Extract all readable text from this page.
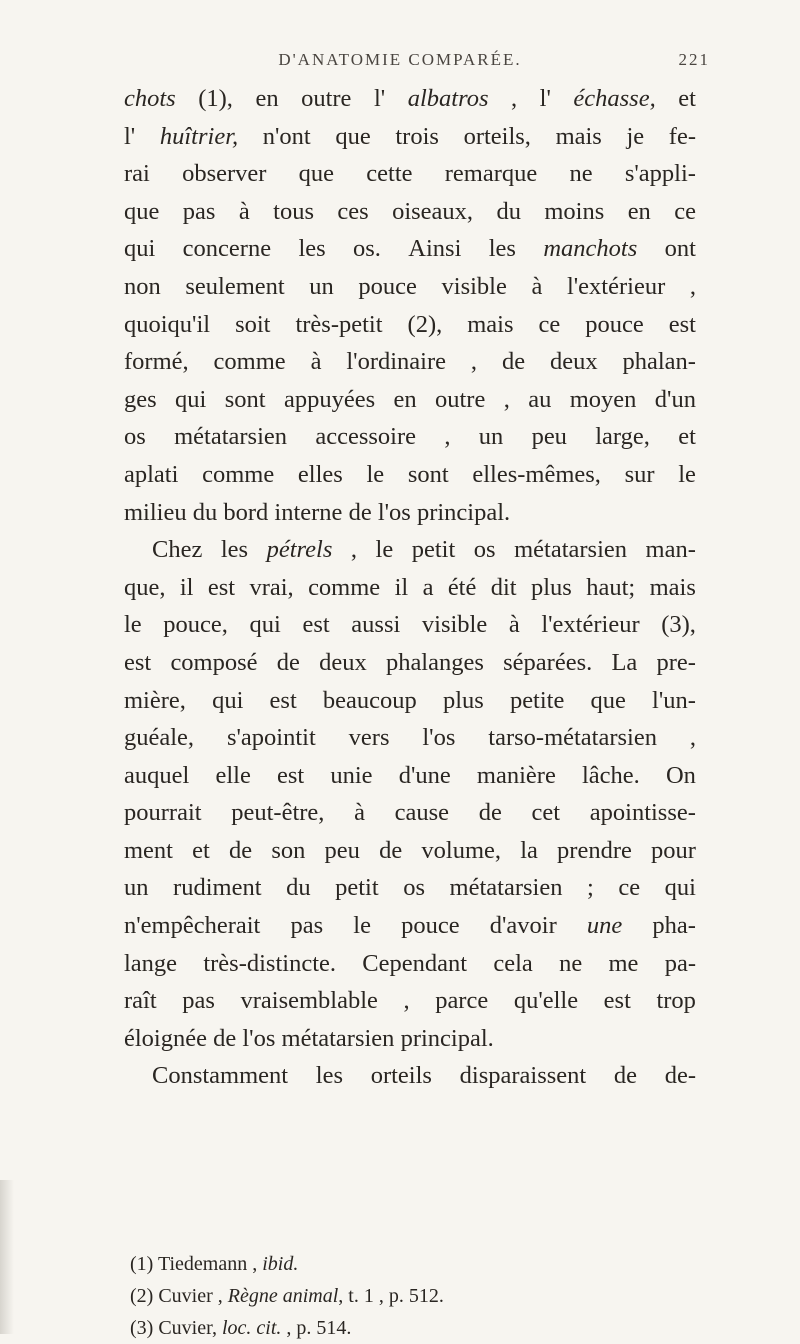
D'ANATOMIE COMPARÉE.	221
chots (1), en outre l' albatros , l' échasse, et
l' huîtrier, n'ont que trois orteils, mais je fe-
rai observer que cette remarque ne s'appli-
que pas à tous ces oiseaux, du moins en ce
qui concerne les os. Ainsi les manchots ont
non seulement un pouce visible à l'extérieur ,
quoiqu'il soit très-petit (2), mais ce pouce est
formé, comme à l'ordinaire , de deux phalan-
ges qui sont appuyées en outre , au moyen d'un
os métatarsien accessoire , un peu large, et
aplati comme elles le sont elles-mêmes, sur le
milieu du bord interne de l'os principal.
Chez les pétrels , le petit os métatarsien man-
que, il est vrai, comme il a été dit plus haut; mais
le pouce, qui est aussi visible à l'extérieur (3),
est composé de deux phalanges séparées. La pre-
mière, qui est beaucoup plus petite que l'un-
guéale, s'apointit vers l'os tarso-métatarsien ,
auquel elle est unie d'une manière lâche. On
pourrait peut-être, à cause de cet apointisse-
ment et de son peu de volume, la prendre pour
un rudiment du petit os métatarsien ; ce qui
n'empêcherait pas le pouce d'avoir une pha-
lange très-distincte. Cependant cela ne me pa-
raît pas vraisemblable , parce qu'elle est trop
éloignée de l'os métatarsien principal.
Constamment les orteils disparaissent de de-
(1) Tiedemann , ibid.
(2) Cuvier , Règne animal, t. 1 , p. 512.
(3) Cuvier, loc. cit. , p. 514.
